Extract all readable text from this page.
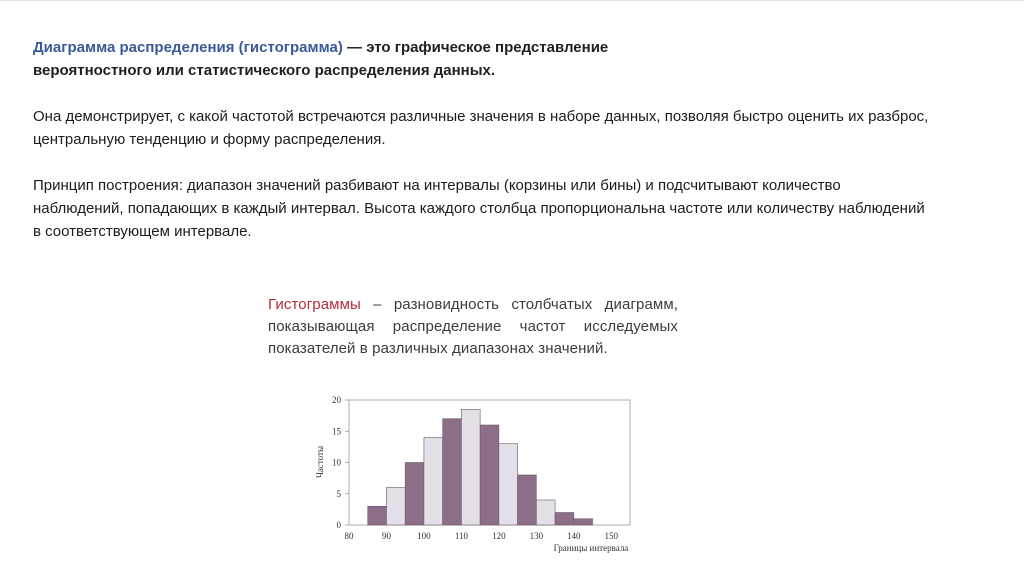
Диаграмма распределения (гистограмма) — это графическое представление
вероятностного или статистического распределения данных.

Она демонстрирует, с какой частотой встречаются различные значения в наборе данных, позволяя быстро оценить их разброс, центральную тенденцию и форму распределения.

Принцип построения: диапазон значений разбивают на интервалы (корзины или бины) и подсчитывают количество наблюдений, попадающих в каждый интервал. Высота каждого столбца пропорциональна частоте или количеству наблюдений в соответствующем интервале.

Гистограммы – разновидность столбчатых диаграмм, показывающая распределение частот исследуемых показателей в различных диапазонах значений.
0
5
10
15
20
80	90	100	110	120	130	140	150
Частоты
Границы интервала
